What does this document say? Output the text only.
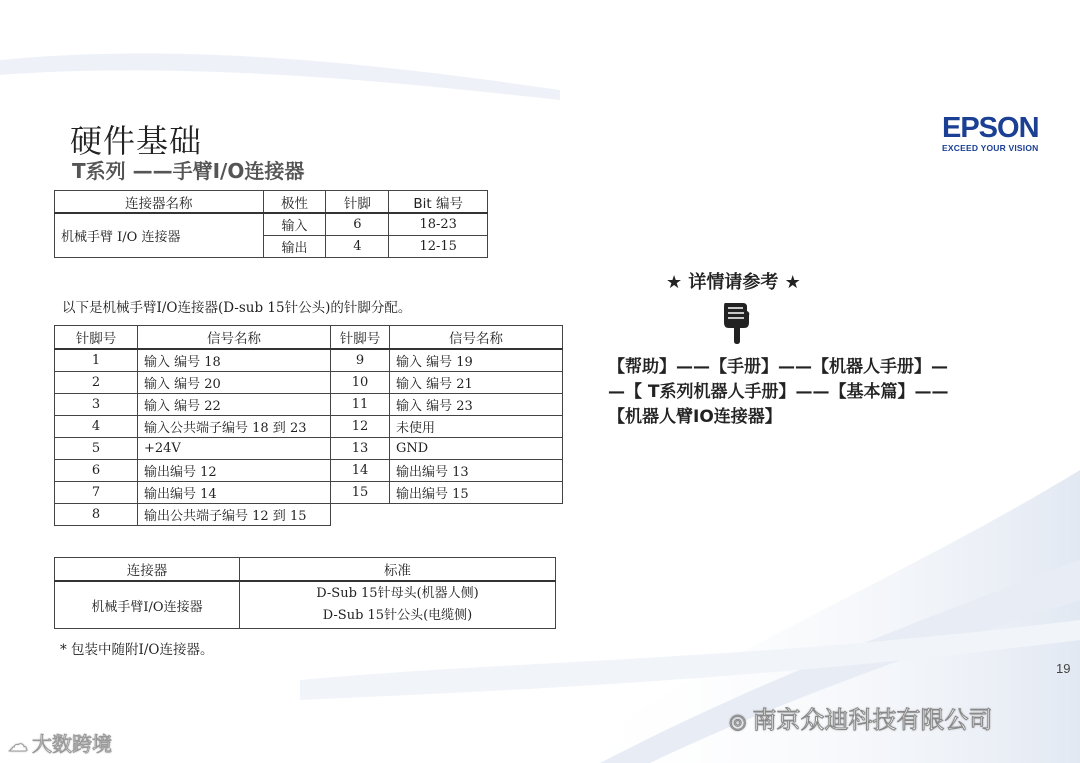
硬件基础
T系列 ——手臂I/O连接器
EPSON
EXCEED YOUR VISION
连接器名称	极性	针脚	Bit 编号
机械手臂 I/O 连接器	输入	6	18-23
	输出	4	12-15
以下是机械手臂I/O连接器(D-sub 15针公头)的针脚分配。
针脚号	信号名称	针脚号	信号名称
1	输入 编号 18	9	输入 编号 19
2	输入 编号 20	10	输入 编号 21
3	输入 编号 22	11	输入 编号 23
4	输入公共端子编号 18 到 23	12	未使用
5	+24V	13	GND
6	输出编号 12	14	输出编号 13
7	输出编号 14	15	输出编号 15
8	输出公共端子编号 12 到 15		
连接器	标准
机械手臂I/O连接器	D-Sub 15针母头(机器人侧)
D-Sub 15针公头(电缆侧)
* 包装中随附I/O连接器。
★ 详情请参考 ★
【帮助】——【手册】——【机器人手册】—
—【 T系列机器人手册】——【基本篇】——
【机器人臂IO连接器】
19
◎ 南京众迪科技有限公司
☁ 大数跨境
